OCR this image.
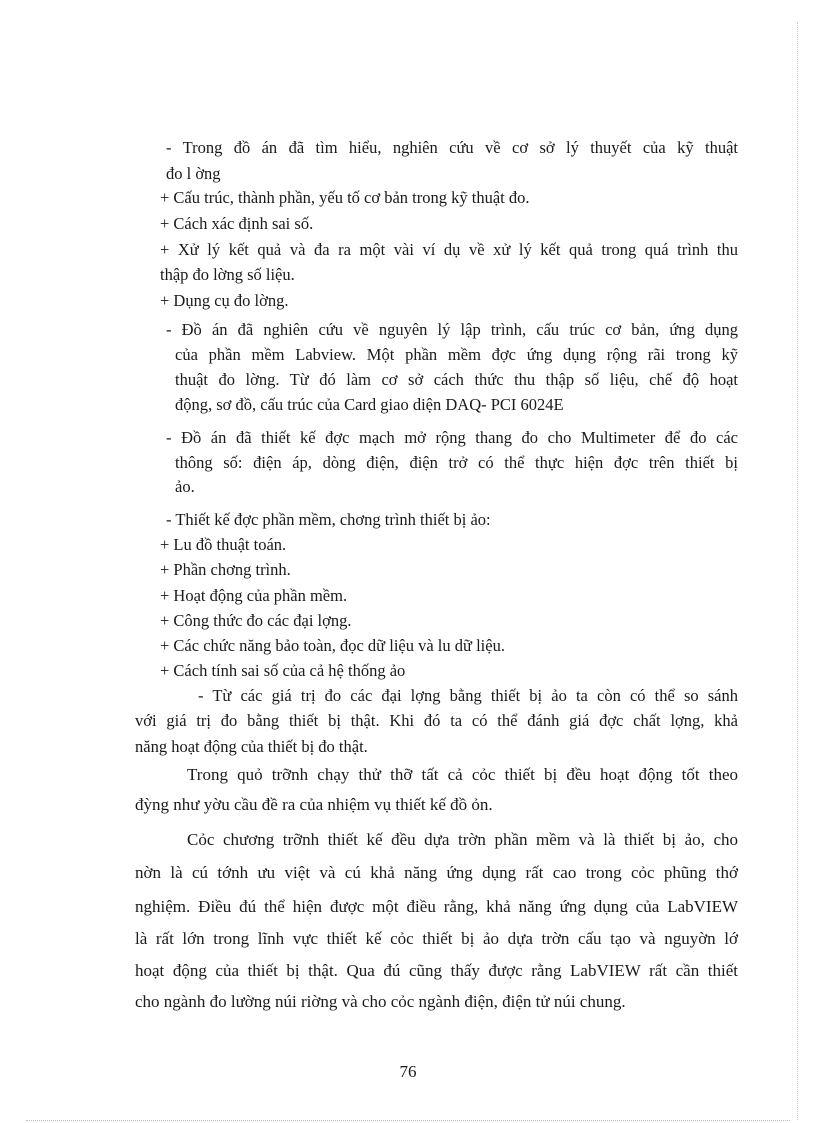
- Trong đồ án đã tìm hiểu, nghiên cứu về cơ sở lý thuyết của kỹ thuật
đo l ờng
+ Cấu trúc, thành phần, yếu tố cơ bản trong kỹ thuật đo.
+ Cách xác định sai số.
+ Xử lý kết quả và đa ra một vài ví dụ về xử lý kết quả trong quá trình thu
thập đo lờng số liệu.
+ Dụng cụ đo lờng.
- Đồ án đã nghiên cứu về nguyên lý lập trình, cấu trúc cơ bản, ứng dụng
của phần mềm Labview. Một phần mềm đợc ứng dụng rộng rãi trong kỹ
thuật đo lờng. Từ đó làm cơ sở cách thức thu thập số liệu, chế độ hoạt
động, sơ đồ, cấu trúc của Card giao diện DAQ- PCI 6024E
- Đồ án đã thiết kế đợc mạch mở rộng thang đo cho Multimeter để đo các
thông số: điện áp, dòng điện, điện trở có thể thực hiện đợc trên thiết bị
ảo.
- Thiết kế đợc phần mềm, chơng trình thiết bị ảo:
+ Lu đồ thuật toán.
+ Phần chơng trình.
+ Hoạt động của phần mềm.
+ Công thức đo các đại lợng.
+ Các chức năng bảo toàn, đọc dữ liệu và lu dữ liệu.
+ Cách tính sai số của cả hệ thống ảo
- Từ các giá trị đo các đại lợng bằng thiết bị ảo ta còn có thể so sánh
với giá trị đo bằng thiết bị thật. Khi đó ta có thể đánh giá đợc chất lợng, khả
năng hoạt động của thiết bị đo thật.
Trong quỏ trỡnh chạy thử thỡ tất cả cỏc thiết bị đều hoạt động tốt theo
đỳng như yờu cầu đề ra của nhiệm vụ thiết kế đồ ỏn.
Cỏc chương trỡnh thiết kế đều dựa trờn phần mềm và là thiết bị ảo, cho
nờn là cú tớnh ưu việt và cú khả năng ứng dụng rất cao trong cỏc phũng thớ
nghiệm. Điều đú thể hiện được một điều rằng, khả năng ứng dụng của LabVIEW
là rất lớn trong lĩnh vực thiết kế cỏc thiết bị ảo dựa trờn cấu tạo và nguyờn lớ
hoạt động của thiết bị thật. Qua đú cũng thấy được rằng LabVIEW rất cần thiết
cho ngành đo lường núi riờng và cho cỏc ngành điện, điện tử núi chung.
76
